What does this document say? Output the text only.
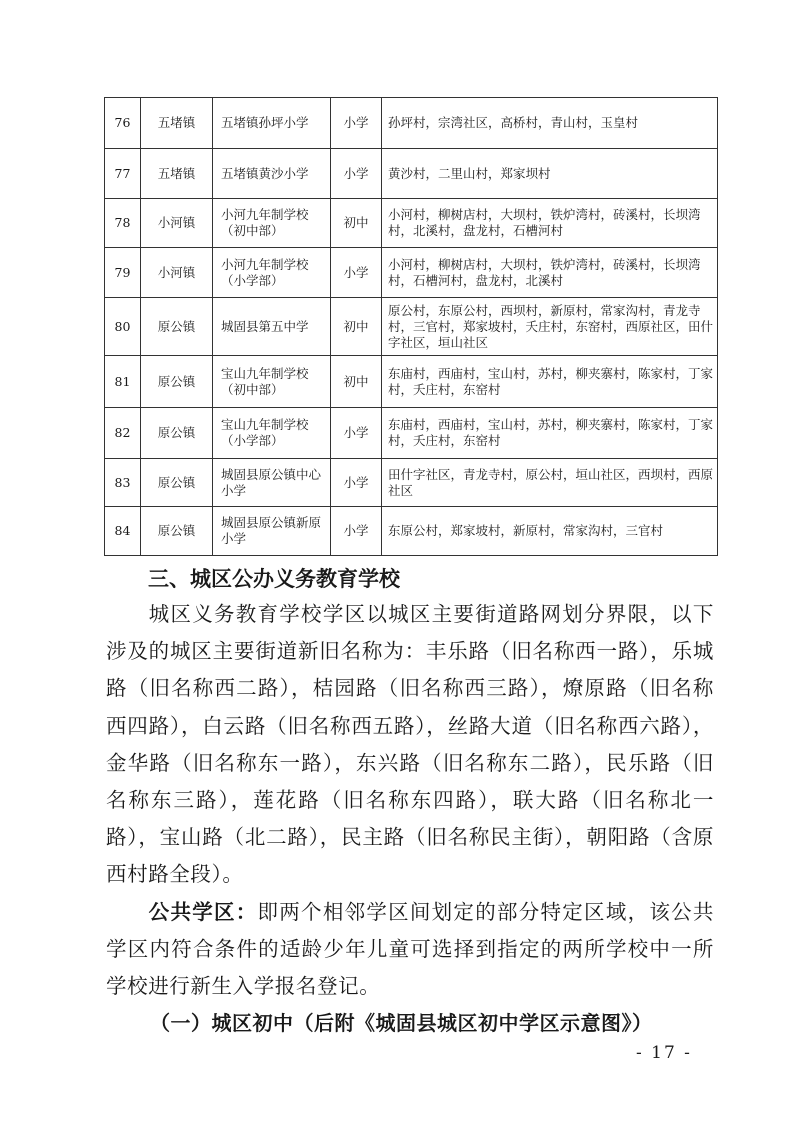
76	五堵镇	五堵镇孙坪小学	小学	孙坪村，宗湾社区，高桥村，青山村，玉皇村
77	五堵镇	五堵镇黄沙小学	小学	黄沙村，二里山村，郑家坝村
78	小河镇	小河九年制学校（初中部）	初中	小河村，柳树店村，大坝村，铁炉湾村，砖溪村，长坝湾村，北溪村，盘龙村，石槽河村
79	小河镇	小河九年制学校（小学部）	小学	小河村，柳树店村，大坝村，铁炉湾村，砖溪村，长坝湾村，石槽河村，盘龙村，北溪村
80	原公镇	城固县第五中学	初中	原公村，东原公村，西坝村，新原村，常家沟村，青龙寺村，三官村，郑家坡村，夭庄村，东窑村，西原社区，田什字社区，垣山社区
81	原公镇	宝山九年制学校（初中部）	初中	东庙村，西庙村，宝山村，苏村，柳夹寨村，陈家村，丁家村，夭庄村，东窑村
82	原公镇	宝山九年制学校（小学部）	小学	东庙村，西庙村，宝山村，苏村，柳夹寨村，陈家村，丁家村，夭庄村，东窑村
83	原公镇	城固县原公镇中心小学	小学	田什字社区，青龙寺村，原公村，垣山社区，西坝村，西原社区
84	原公镇	城固县原公镇新原小学	小学	东原公村，郑家坡村，新原村，常家沟村，三官村
三、城区公办义务教育学校

城区义务教育学校学区以城区主要街道路网划分界限，以下涉及的城区主要街道新旧名称为：丰乐路（旧名称西一路），乐城路（旧名称西二路），桔园路（旧名称西三路），燎原路（旧名称西四路），白云路（旧名称西五路），丝路大道（旧名称西六路），金华路（旧名称东一路），东兴路（旧名称东二路），民乐路（旧名称东三路），莲花路（旧名称东四路），联大路（旧名称北一路），宝山路（北二路），民主路（旧名称民主街），朝阳路（含原西村路全段）。

公共学区：即两个相邻学区间划定的部分特定区域，该公共学区内符合条件的适龄少年儿童可选择到指定的两所学校中一所学校进行新生入学报名登记。

（一）城区初中（后附《城固县城区初中学区示意图》）
- 17 -
